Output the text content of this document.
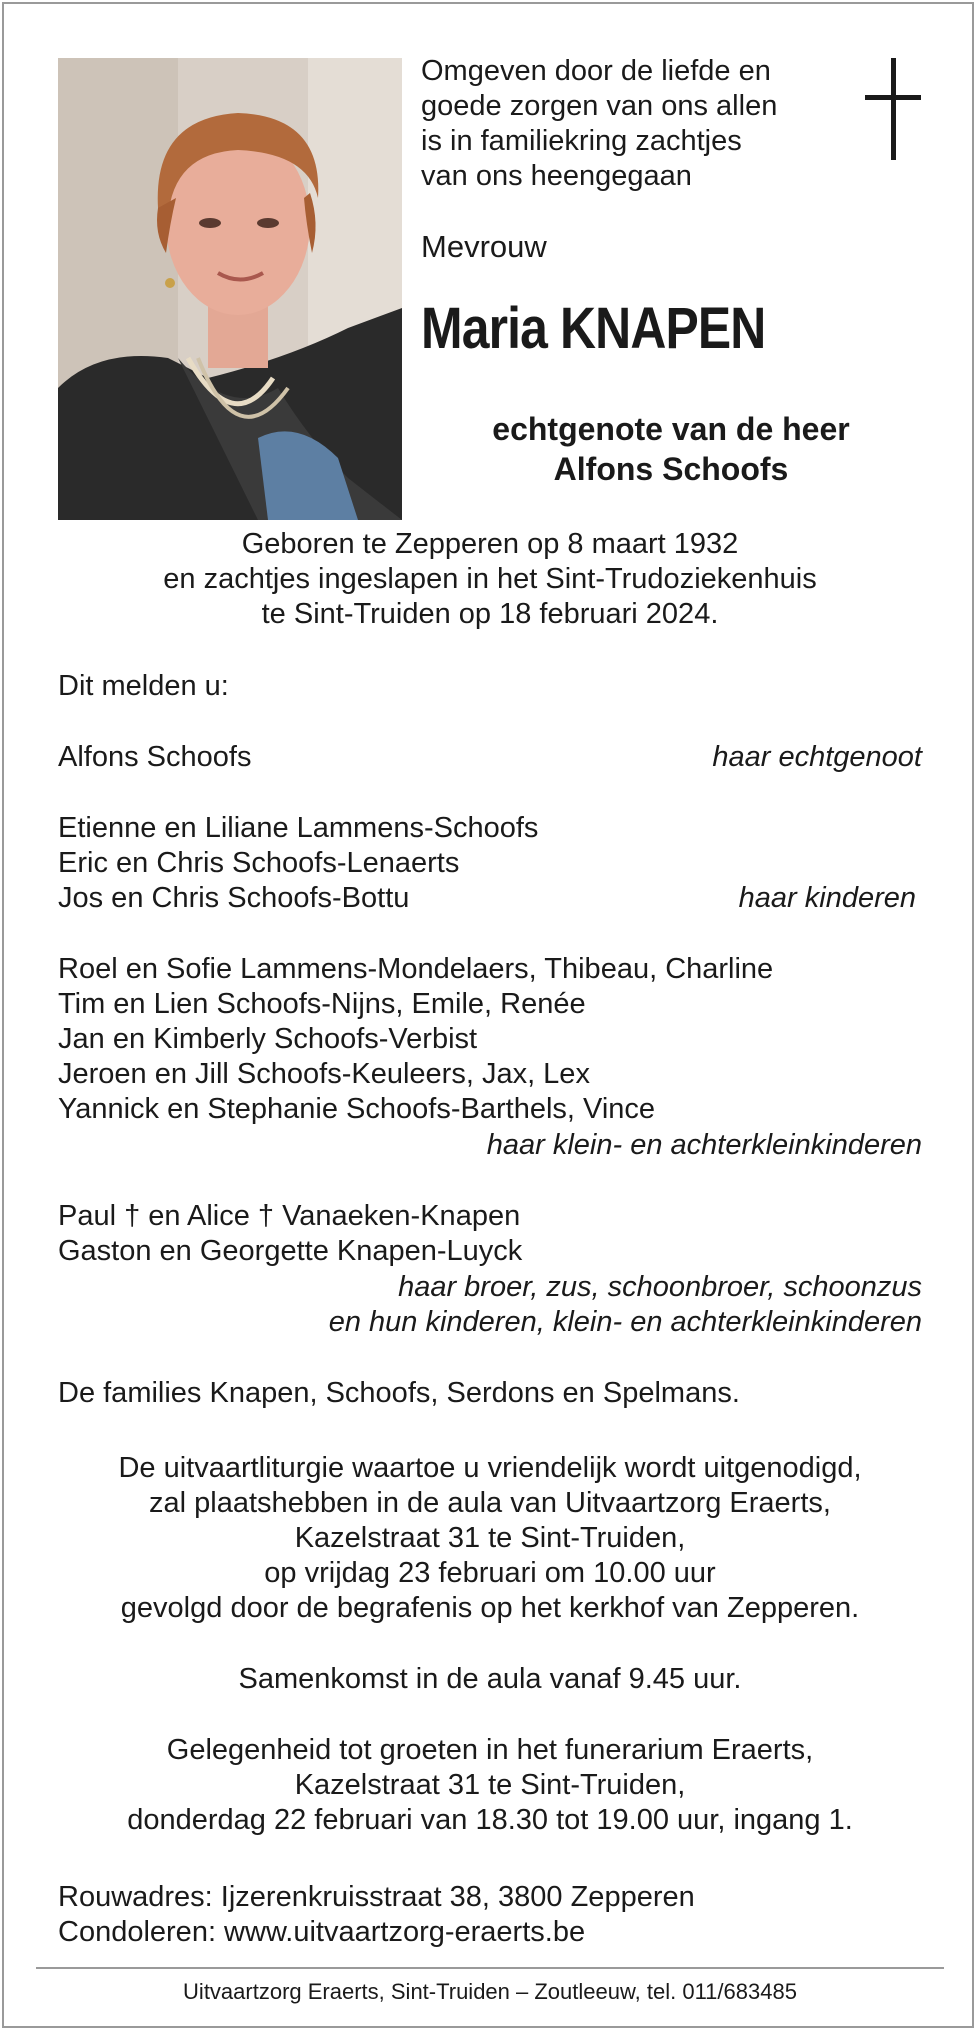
Omgeven door de liefde en
goede zorgen van ons allen
is in familiekring zachtjes
van ons heengegaan
Mevrouw
Maria KNAPEN
echtgenote van de heer
Alfons Schoofs
Geboren te Zepperen op 8 maart 1932
en zachtjes ingeslapen in het Sint-Trudoziekenhuis
te Sint-Truiden op 18 februari 2024.
Dit melden u:
Alfons Schoofs	haar echtgenoot
Etienne en Liliane Lammens-Schoofs
Eric en Chris Schoofs-Lenaerts
Jos en Chris Schoofs-Bottu	haar kinderen
Roel en Sofie Lammens-Mondelaers, Thibeau, Charline
Tim en Lien Schoofs-Nijns, Emile, Renée
Jan en Kimberly Schoofs-Verbist
Jeroen en Jill Schoofs-Keuleers, Jax, Lex
Yannick en Stephanie Schoofs-Barthels, Vince
haar klein- en achterkleinkinderen
Paul † en Alice † Vanaeken-Knapen
Gaston en Georgette Knapen-Luyck
haar broer, zus, schoonbroer, schoonzus
en hun kinderen, klein- en achterkleinkinderen
De families Knapen, Schoofs, Serdons en Spelmans.
De uitvaartliturgie waartoe u vriendelijk wordt uitgenodigd,
zal plaatshebben in de aula van Uitvaartzorg Eraerts,
Kazelstraat 31 te Sint-Truiden,
op vrijdag 23 februari om 10.00 uur
gevolgd door de begrafenis op het kerkhof van Zepperen.
Samenkomst in de aula vanaf 9.45 uur.
Gelegenheid tot groeten in het funerarium Eraerts,
Kazelstraat 31 te Sint-Truiden,
donderdag 22 februari van 18.30 tot 19.00 uur, ingang 1.
Rouwadres: Ijzerenkruisstraat 38, 3800 Zepperen
Condoleren: www.uitvaartzorg-eraerts.be
Uitvaartzorg Eraerts, Sint-Truiden – Zoutleeuw, tel. 011/683485
